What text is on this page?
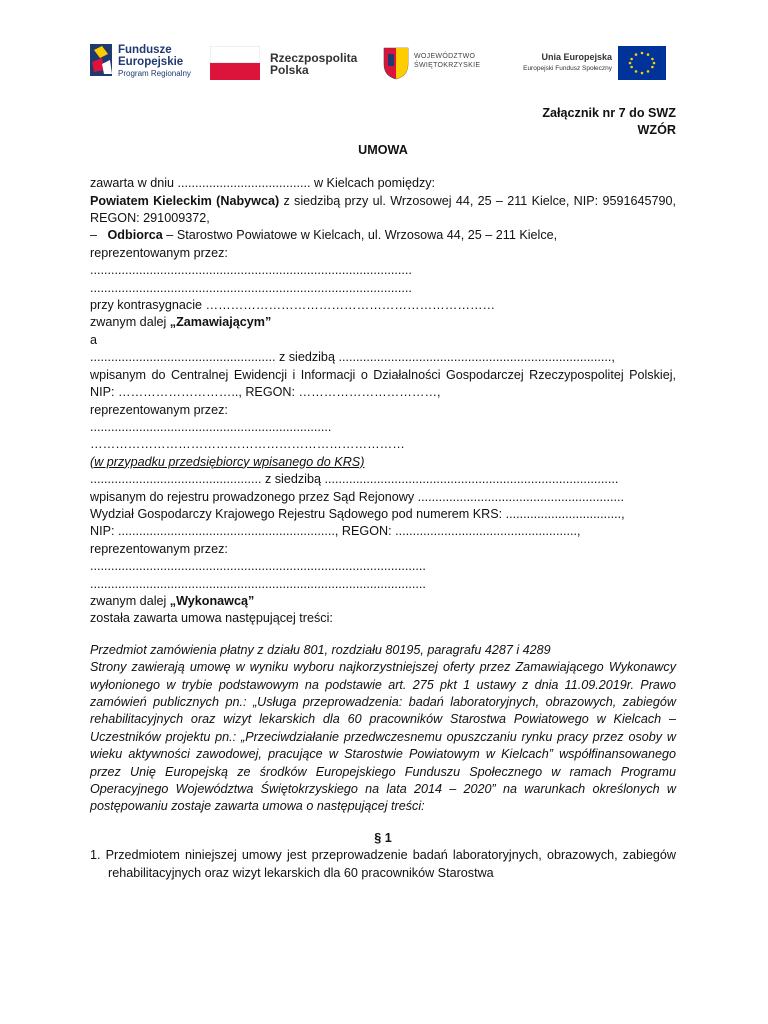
Fundusze
Europejskie
Program Regionalny
Rzeczpospolita
Polska
WOJEWÓDZTWO
ŚWIĘTOKRZYSKIE
Unia Europejska
Europejski Fundusz Społeczny

Załącznik nr 7 do SWZ

WZÓR

UMOWA

zawarta w dniu ...................................... w Kielcach pomiędzy:

Powiatem Kieleckim (Nabywca) z siedzibą przy ul. Wrzosowej 44, 25 – 211 Kielce, NIP: 9591645790, REGON: 291009372,

– Odbiorca – Starostwo Powiatowe w Kielcach, ul. Wrzosowa 44, 25 – 211 Kielce,

reprezentowanym przez:

............................................................................................

............................................................................................

przy kontrasygnacie ……………………………………………………………

zwanym dalej „Zamawiającym”

a

..................................................... z siedzibą ..............................................................................,

wpisanym do Centralnej Ewidencji i Informacji o Działalności Gospodarczej Rzeczypospolitej Polskiej, NIP: ……………………….., REGON: ……………………………,

reprezentowanym przez:

.....................................................................

…………………………………………………………………

(w przypadku przedsiębiorcy wpisanego do KRS)

................................................. z siedzibą ....................................................................................

wpisanym do rejestru prowadzonego przez Sąd Rejonowy ...........................................................

Wydział Gospodarczy Krajowego Rejestru Sądowego pod numerem KRS: .................................,

NIP: .............................................................., REGON: ....................................................,

reprezentowanym przez:

................................................................................................

................................................................................................

zwanym dalej „Wykonawcą”

została zawarta umowa następującej treści:

Przedmiot zamówienia płatny z działu 801, rozdziału 80195, paragrafu 4287 i 4289

Strony zawierają umowę w wyniku wyboru najkorzystniejszej oferty przez Zamawiającego Wykonawcy wyłonionego w trybie podstawowym na podstawie art. 275 pkt 1 ustawy z dnia 11.09.2019r. Prawo zamówień publicznych pn.: „Usługa przeprowadzenia: badań laboratoryjnych, obrazowych, zabiegów rehabilitacyjnych oraz wizyt lekarskich dla 60 pracowników Starostwa Powiatowego w Kielcach – Uczestników projektu pn.: „Przeciwdziałanie przedwczesnemu opuszczaniu rynku pracy przez osoby w wieku aktywności zawodowej, pracujące w Starostwie Powiatowym w Kielcach” współfinansowanego przez Unię Europejską ze środków Europejskiego Funduszu Społecznego w ramach Programu Operacyjnego Województwa Świętokrzyskiego na lata 2014 – 2020” na warunkach określonych w postępowaniu zostaje zawarta umowa o następującej treści:

§ 1

1. Przedmiotem niniejszej umowy jest przeprowadzenie badań laboratoryjnych, obrazowych, zabiegów rehabilitacyjnych oraz wizyt lekarskich dla 60 pracowników Starostwa
